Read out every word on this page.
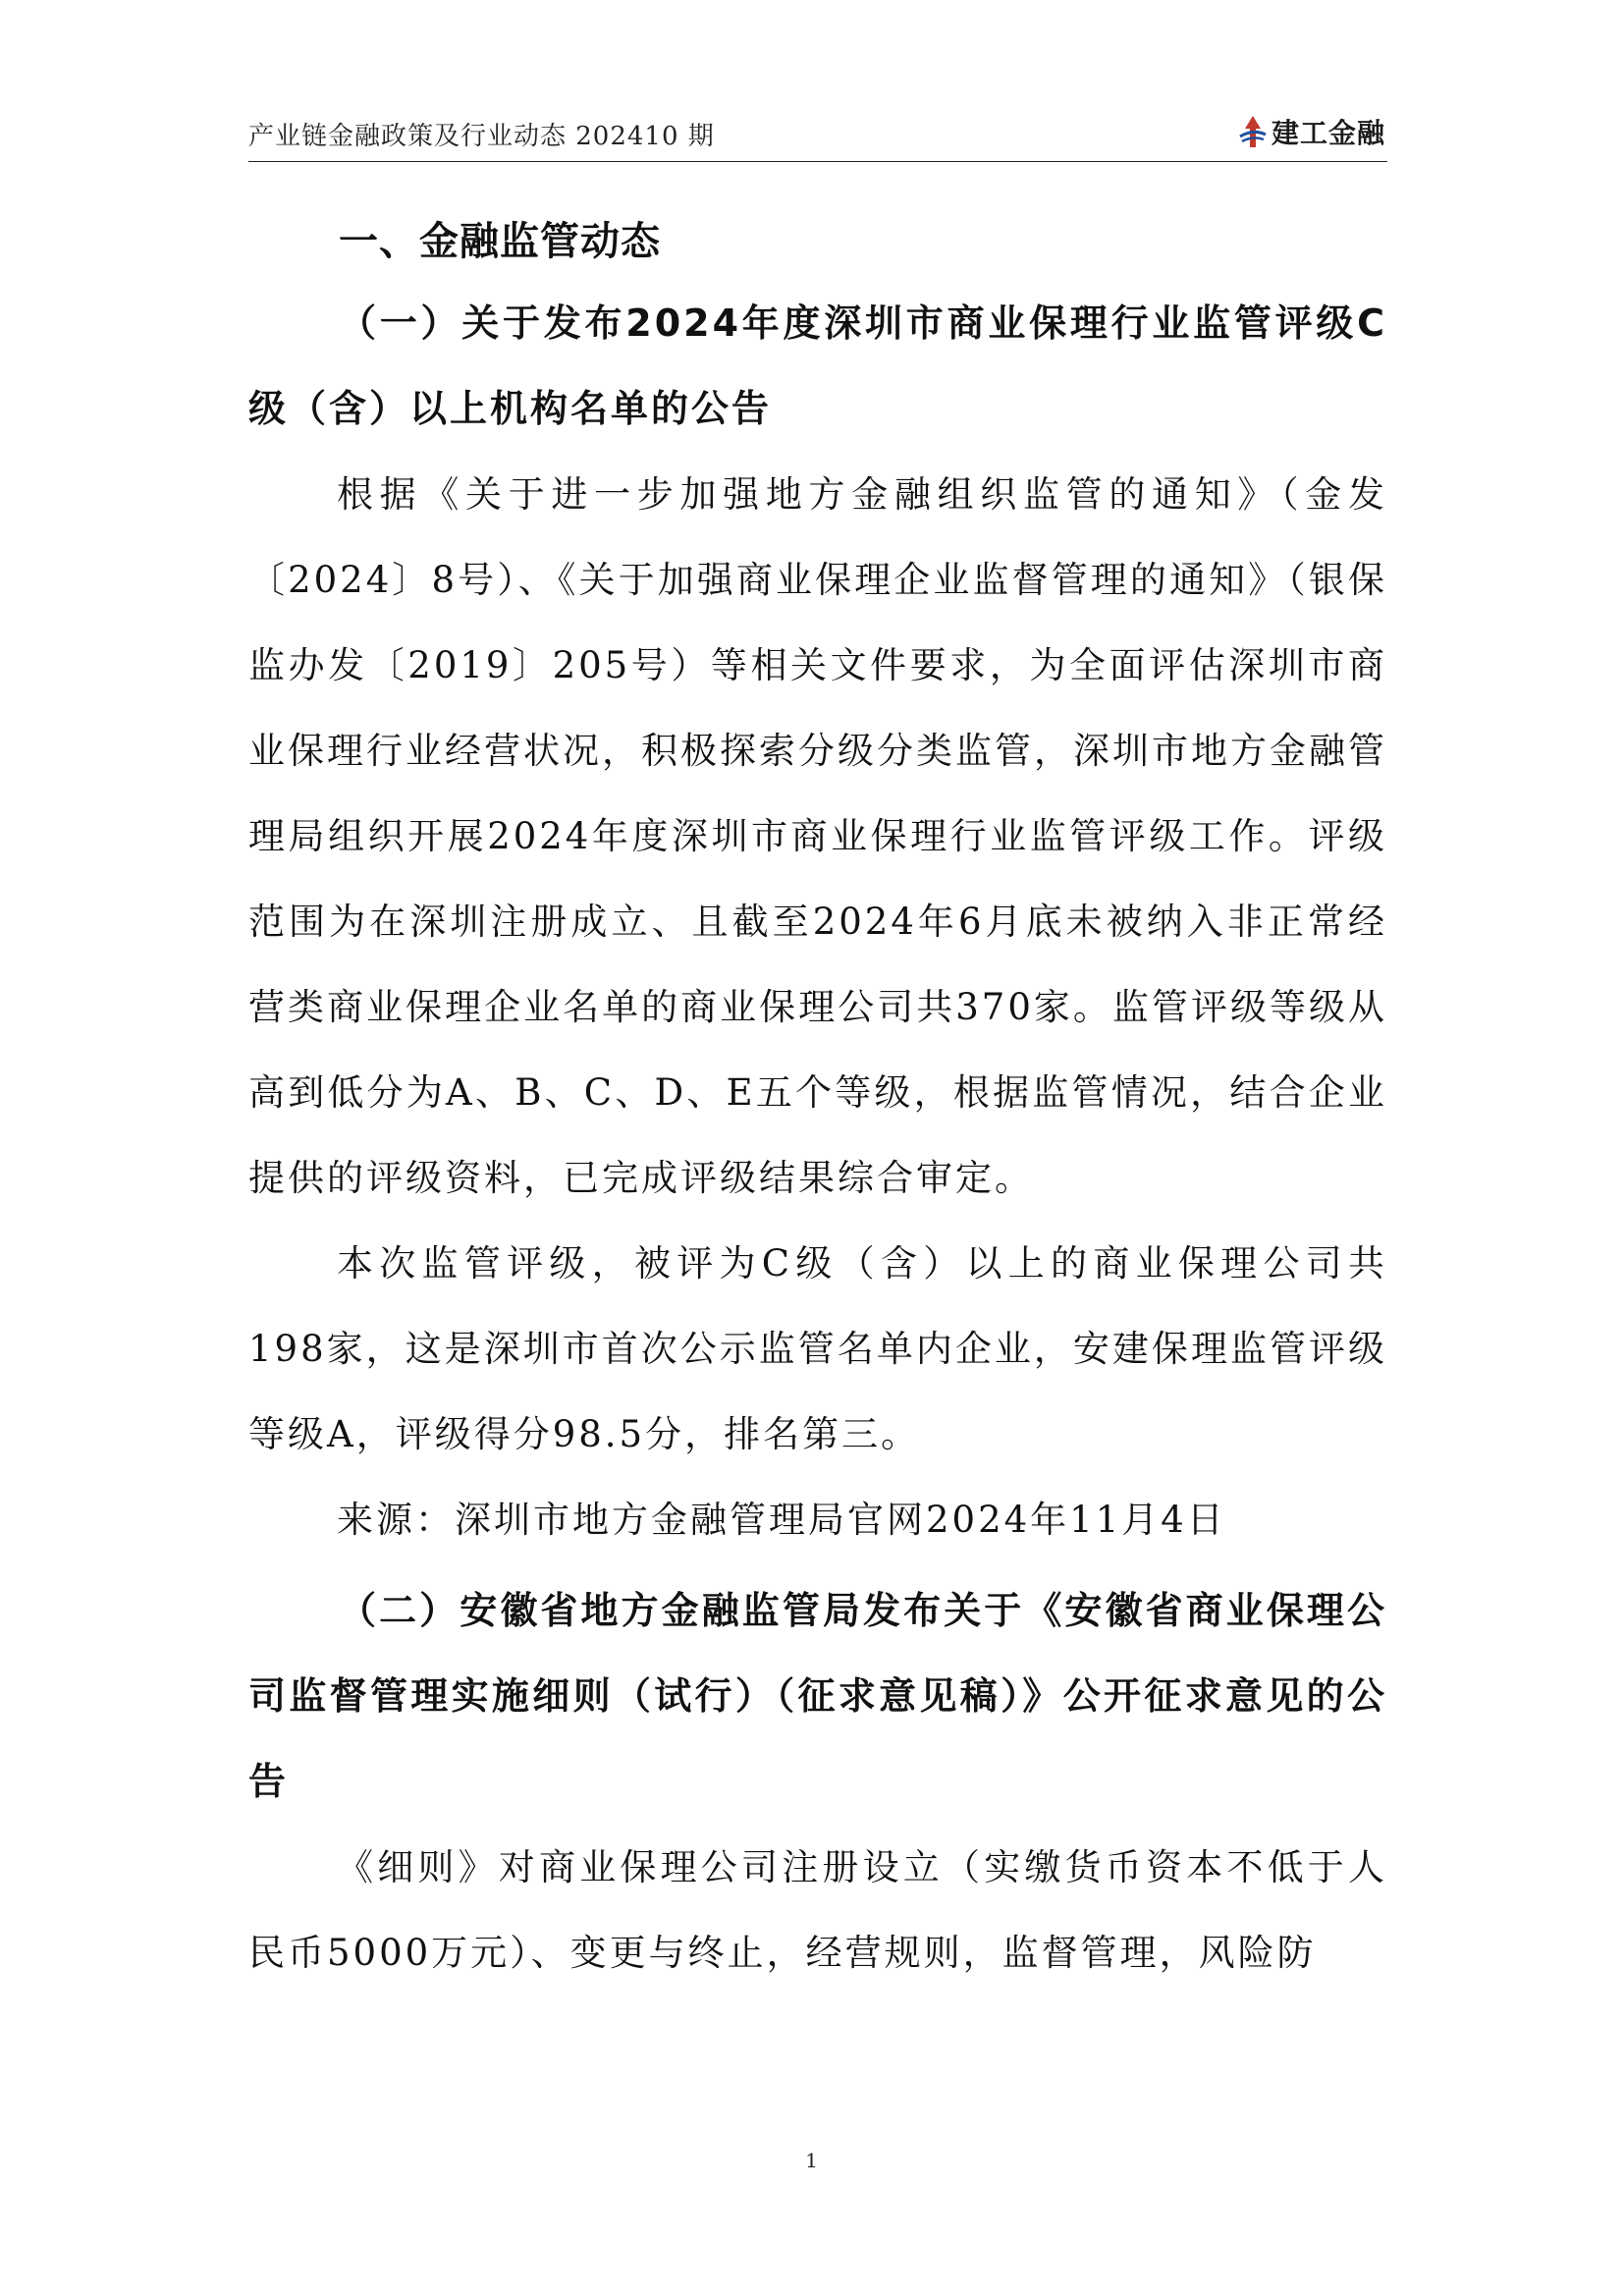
产业链金融政策及行业动态 202410 期	建工金融
一、金融监管动态
（一）关于发布2024年度深圳市商业保理行业监管评级C级（含）以上机构名单的公告

根据《关于进一步加强地方金融组织监管的通知》（金发〔2024〕8号）、《关于加强商业保理企业监督管理的通知》（银保监办发〔2019〕205号）等相关文件要求，为全面评估深圳市商业保理行业经营状况，积极探索分级分类监管，深圳市地方金融管理局组织开展2024年度深圳市商业保理行业监管评级工作。评级范围为在深圳注册成立、且截至2024年6月底未被纳入非正常经营类商业保理企业名单的商业保理公司共370家。监管评级等级从高到低分为A、B、C、D、E五个等级，根据监管情况，结合企业提供的评级资料，已完成评级结果综合审定。

本次监管评级，被评为C级（含）以上的商业保理公司共198家，这是深圳市首次公示监管名单内企业，安建保理监管评级等级A，评级得分98.5分，排名第三。

来源：深圳市地方金融管理局官网2024年11月4日

（二）安徽省地方金融监管局发布关于《安徽省商业保理公司监督管理实施细则（试行）（征求意见稿）》公开征求意见的公告

《细则》对商业保理公司注册设立（实缴货币资本不低于人民币5000万元）、变更与终止，经营规则，监督管理，风险防

1
